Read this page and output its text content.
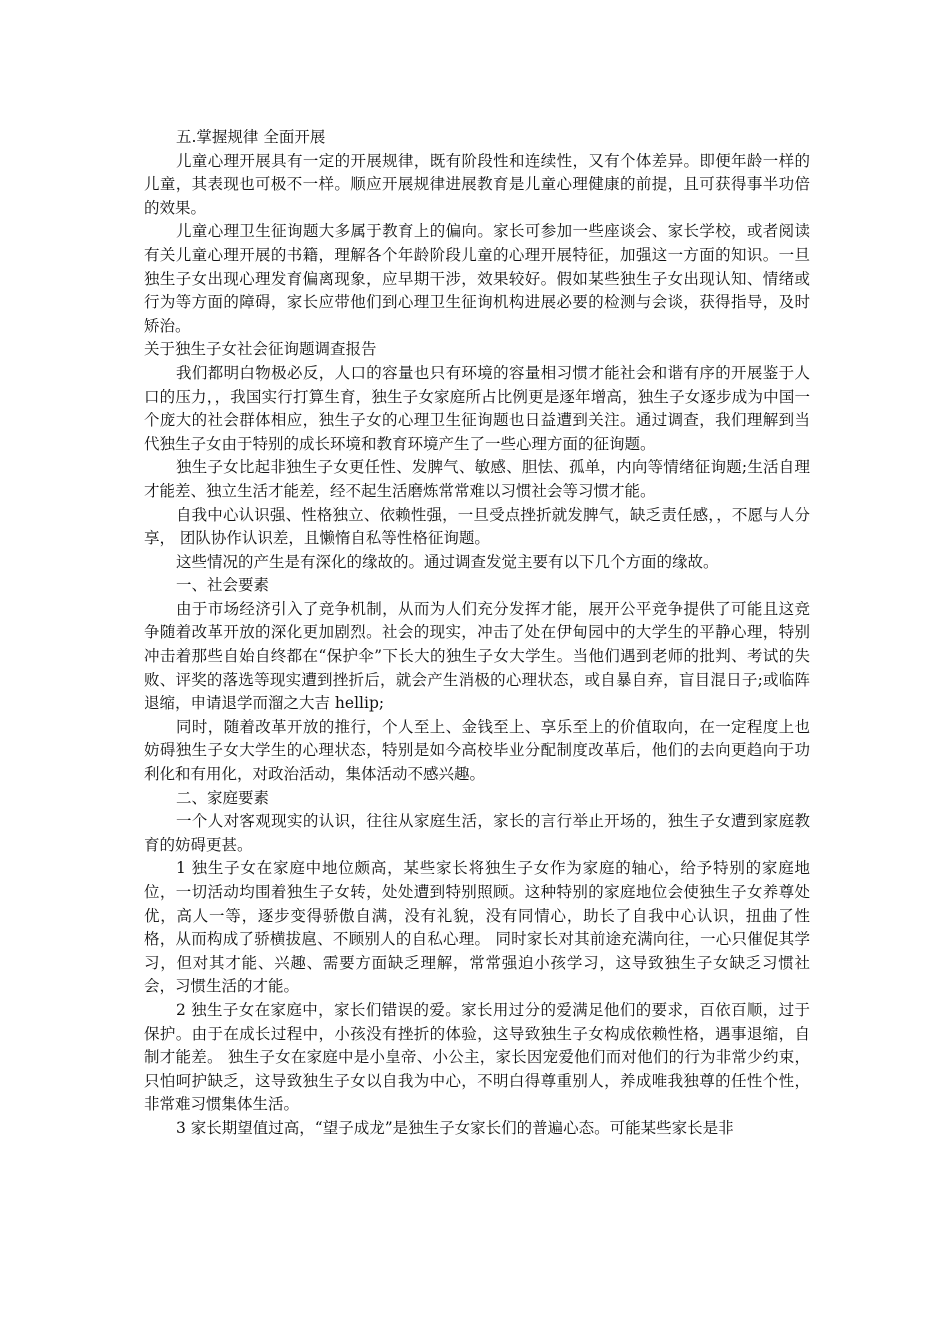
五.掌握规律 全面开展

儿童心理开展具有一定的开展规律，既有阶段性和连续性，又有个体差异。即便年龄一样的儿童，其表现也可极不一样。顺应开展规律进展教育是儿童心理健康的前提，且可获得事半功倍的效果。

儿童心理卫生征询题大多属于教育上的偏向。家长可参加一些座谈会、家长学校，或者阅读有关儿童心理开展的书籍，理解各个年龄阶段儿童的心理开展特征，加强这一方面的知识。一旦独生子女出现心理发育偏离现象，应早期干涉，效果较好。假如某些独生子女出现认知、情绪或行为等方面的障碍，家长应带他们到心理卫生征询机构进展必要的检测与会谈，获得指导，及时矫治。

关于独生子女社会征询题调查报告

我们都明白物极必反，人口的容量也只有环境的容量相习惯才能社会和谐有序的开展鉴于人口的压力，，我国实行打算生育，独生子女家庭所占比例更是逐年增高，独生子女逐步成为中国一个庞大的社会群体相应，独生子女的心理卫生征询题也日益遭到关注。通过调查，我们理解到当代独生子女由于特别的成长环境和教育环境产生了一些心理方面的征询题。

独生子女比起非独生子女更任性、发脾气、敏感、胆怯、孤单，内向等情绪征询题;生活自理才能差、独立生活才能差，经不起生活磨炼常常难以习惯社会等习惯才能。

自我中心认识强、性格独立、依赖性强，一旦受点挫折就发脾气，缺乏责任感，，不愿与人分享， 团队协作认识差，且懒惰自私等性格征询题。

这些情况的产生是有深化的缘故的。通过调查发觉主要有以下几个方面的缘故。

一、社会要素

由于市场经济引入了竞争机制，从而为人们充分发挥才能，展开公平竞争提供了可能且这竞争随着改革开放的深化更加剧烈。社会的现实，冲击了处在伊甸园中的大学生的平静心理，特别冲击着那些自始自终都在“保护伞”下长大的独生子女大学生。当他们遇到老师的批判、考试的失败、评奖的落选等现实遭到挫折后，就会产生消极的心理状态，或自暴自弃，盲目混日子;或临阵退缩，申请退学而溜之大吉 hellip;

同时，随着改革开放的推行，个人至上、金钱至上、享乐至上的价值取向，在一定程度上也 妨碍独生子女大学生的心理状态，特别是如今高校毕业分配制度改革后，他们的去向更趋向于功利化和有用化，对政治活动，集体活动不感兴趣。

二、家庭要素

一个人对客观现实的认识，往往从家庭生活，家长的言行举止开场的，独生子女遭到家庭教育的妨碍更甚。

1 独生子女在家庭中地位颇高，某些家长将独生子女作为家庭的轴心，给予特别的家庭地位，一切活动均围着独生子女转，处处遭到特别照顾。这种特别的家庭地位会使独生子女养尊处优，高人一等，逐步变得骄傲自满，没有礼貌，没有同情心，助长了自我中心认识，扭曲了性格，从而构成了骄横拔扈、不顾别人的自私心理。 同时家长对其前途充满向往，一心只催促其学习，但对其才能、兴趣、需要方面缺乏理解，常常强迫小孩学习，这导致独生子女缺乏习惯社会，习惯生活的才能。

2 独生子女在家庭中，家长们错误的爱。家长用过分的爱满足他们的要求，百依百顺，过于保护。由于在成长过程中，小孩没有挫折的体验，这导致独生子女构成依赖性格，遇事退缩，自制才能差。 独生子女在家庭中是小皇帝、小公主，家长因宠爱他们而对他们的行为非常少约束，只怕呵护缺乏，这导致独生子女以自我为中心，不明白得尊重别人，养成唯我独尊的任性个性，非常难习惯集体生活。

3 家长期望值过高，“望子成龙”是独生子女家长们的普遍心态。可能某些家长是非
